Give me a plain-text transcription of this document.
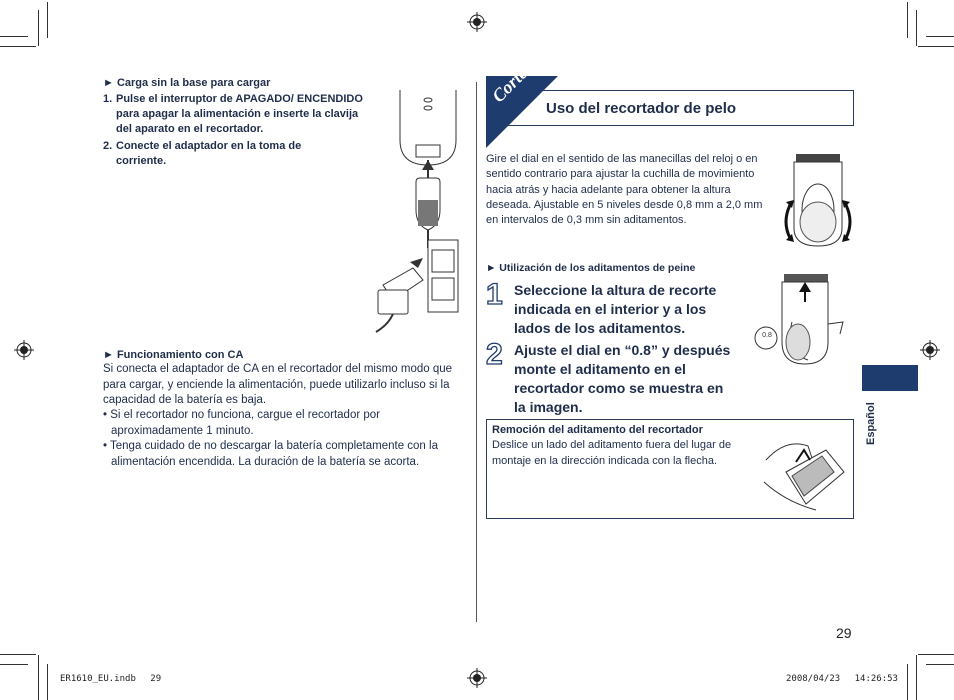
► Carga sin la base para cargar
1. Pulse el interruptor de APAGADO/ ENCENDIDO para apagar la alimentación e inserte la clavija del aparato en el recortador.
2. Conecte el adaptador en la toma de corriente.
► Funcionamiento con CA
Si conecta el adaptador de CA en el recortador del mismo modo que para cargar, y enciende la alimentación, puede utilizarlo incluso si la capacidad de la batería es baja.
• Si el recortador no funciona, cargue el recortador por aproximadamente 1 minuto.
• Tenga cuidado de no descargar la batería completamente con la alimentación encendida. La duración de la batería se acorta.
Corte
Uso del recortador de pelo
Gire el dial en el sentido de las manecillas del reloj o en sentido contrario para ajustar la cuchilla de movimiento hacia atrás y hacia adelante para obtener la altura deseada. Ajustable en 5 niveles desde 0,8 mm a 2,0 mm en intervalos de 0,3 mm sin aditamentos.
► Utilización de los aditamentos de peine
1 Seleccione la altura de recorte indicada en el interior y a los lados de los aditamentos.
2 Ajuste el dial en “0.8” y después monte el aditamento en el recortador como se muestra en la imagen.
0.8
Remoción del aditamento del recortador
Deslice un lado del aditamento fuera del lugar de montaje en la dirección indicada con la flecha.
Español
29
ER1610_EU.indb　 29	2008/04/23　 14:26:53
